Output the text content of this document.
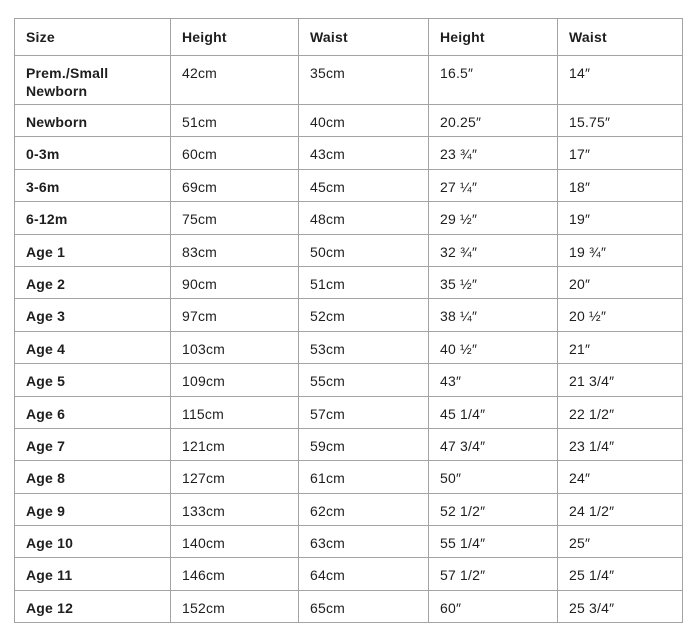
Size	Height	Waist	Height	Waist
Prem./Small Newborn	42cm	35cm	16.5″	14″
Newborn	51cm	40cm	20.25″	15.75″
0-3m	60cm	43cm	23 ¾″	17″
3-6m	69cm	45cm	27 ¼″	18″
6-12m	75cm	48cm	29 ½″	19″
Age 1	83cm	50cm	32 ¾″	19 ¾″
Age 2	90cm	51cm	35 ½″	20″
Age 3	97cm	52cm	38 ¼″	20 ½″
Age 4	103cm	53cm	40 ½″	21″
Age 5	109cm	55cm	43″	21 3/4″
Age 6	115cm	57cm	45 1/4″	22 1/2″
Age 7	121cm	59cm	47 3/4″	23 1/4″
Age 8	127cm	61cm	50″	24″
Age 9	133cm	62cm	52 1/2″	24 1/2″
Age 10	140cm	63cm	55 1/4″	25″
Age 11	146cm	64cm	57 1/2″	25 1/4″
Age 12	152cm	65cm	60″	25 3/4″
